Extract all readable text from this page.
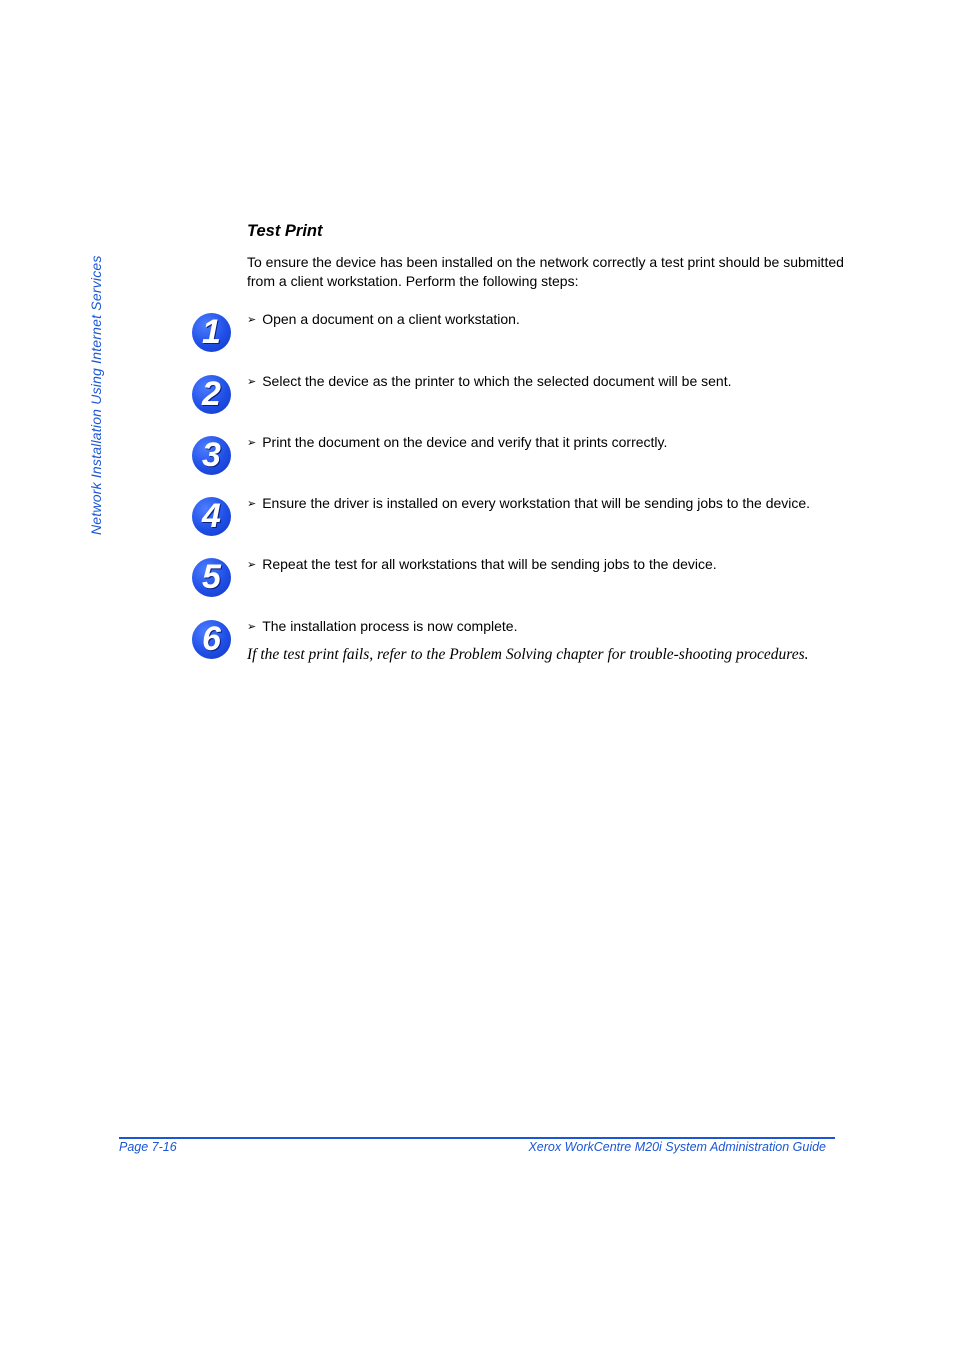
Network Installation Using Internet Services
Test Print

To ensure the device has been installed on the network correctly a test print should be submitted from a client workstation. Perform the following steps:

1	➢ Open a document on a client workstation.
2	➢ Select the device as the printer to which the selected document will be sent.
3	➢ Print the document on the device and verify that it prints correctly.
4	➢ Ensure the driver is installed on every workstation that will be sending jobs to the device.
5	➢ Repeat the test for all workstations that will be sending jobs to the device.
6	➢ The installation process is now complete.
If the test print fails, refer to the Problem Solving chapter for trouble-shooting procedures.
Page 7-16	Xerox WorkCentre M20i System Administration Guide
